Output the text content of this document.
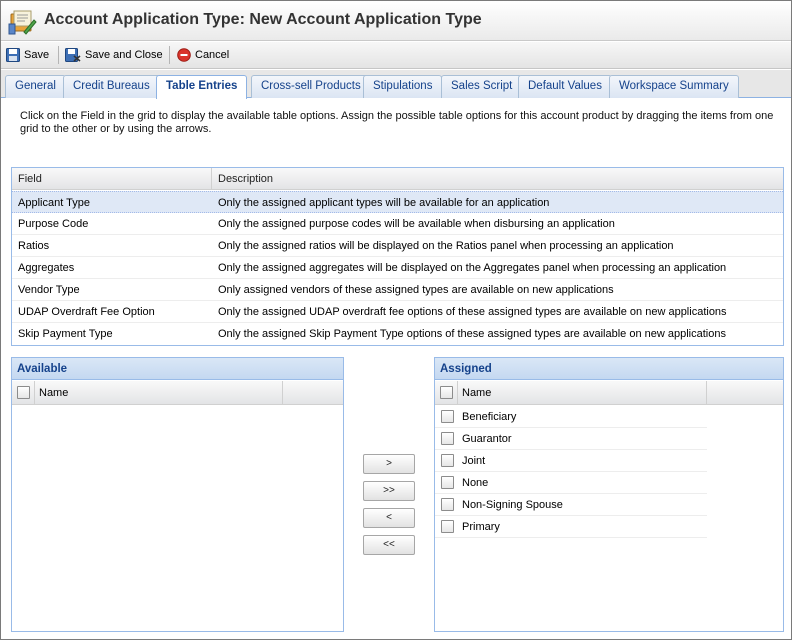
Account Application Type: New Account Application Type
Save	Save and Close	Cancel
General	Credit Bureaus	Table Entries	Cross-sell Products	Stipulations	Sales Script	Default Values	Workspace Summary
Click on the Field in the grid to display the available table options. Assign the possible table options for this account product by dragging the items from one grid to the other or by using the arrows.
Field	Description
Applicant Type	Only the assigned applicant types will be available for an application
Purpose Code	Only the assigned purpose codes will be available when disbursing an application
Ratios	Only the assigned ratios will be displayed on the Ratios panel when processing an application
Aggregates	Only the assigned aggregates will be displayed on the Aggregates panel when processing an application
Vendor Type	Only assigned vendors of these assigned types are available on new applications
UDAP Overdraft Fee Option	Only the assigned UDAP overdraft fee options of these assigned types are available on new applications
Skip Payment Type	Only the assigned Skip Payment Type options of these assigned types are available on new applications
Available
Name
>
>>
<
<<
Assigned
Name
Beneficiary
Guarantor
Joint
None
Non-Signing Spouse
Primary
